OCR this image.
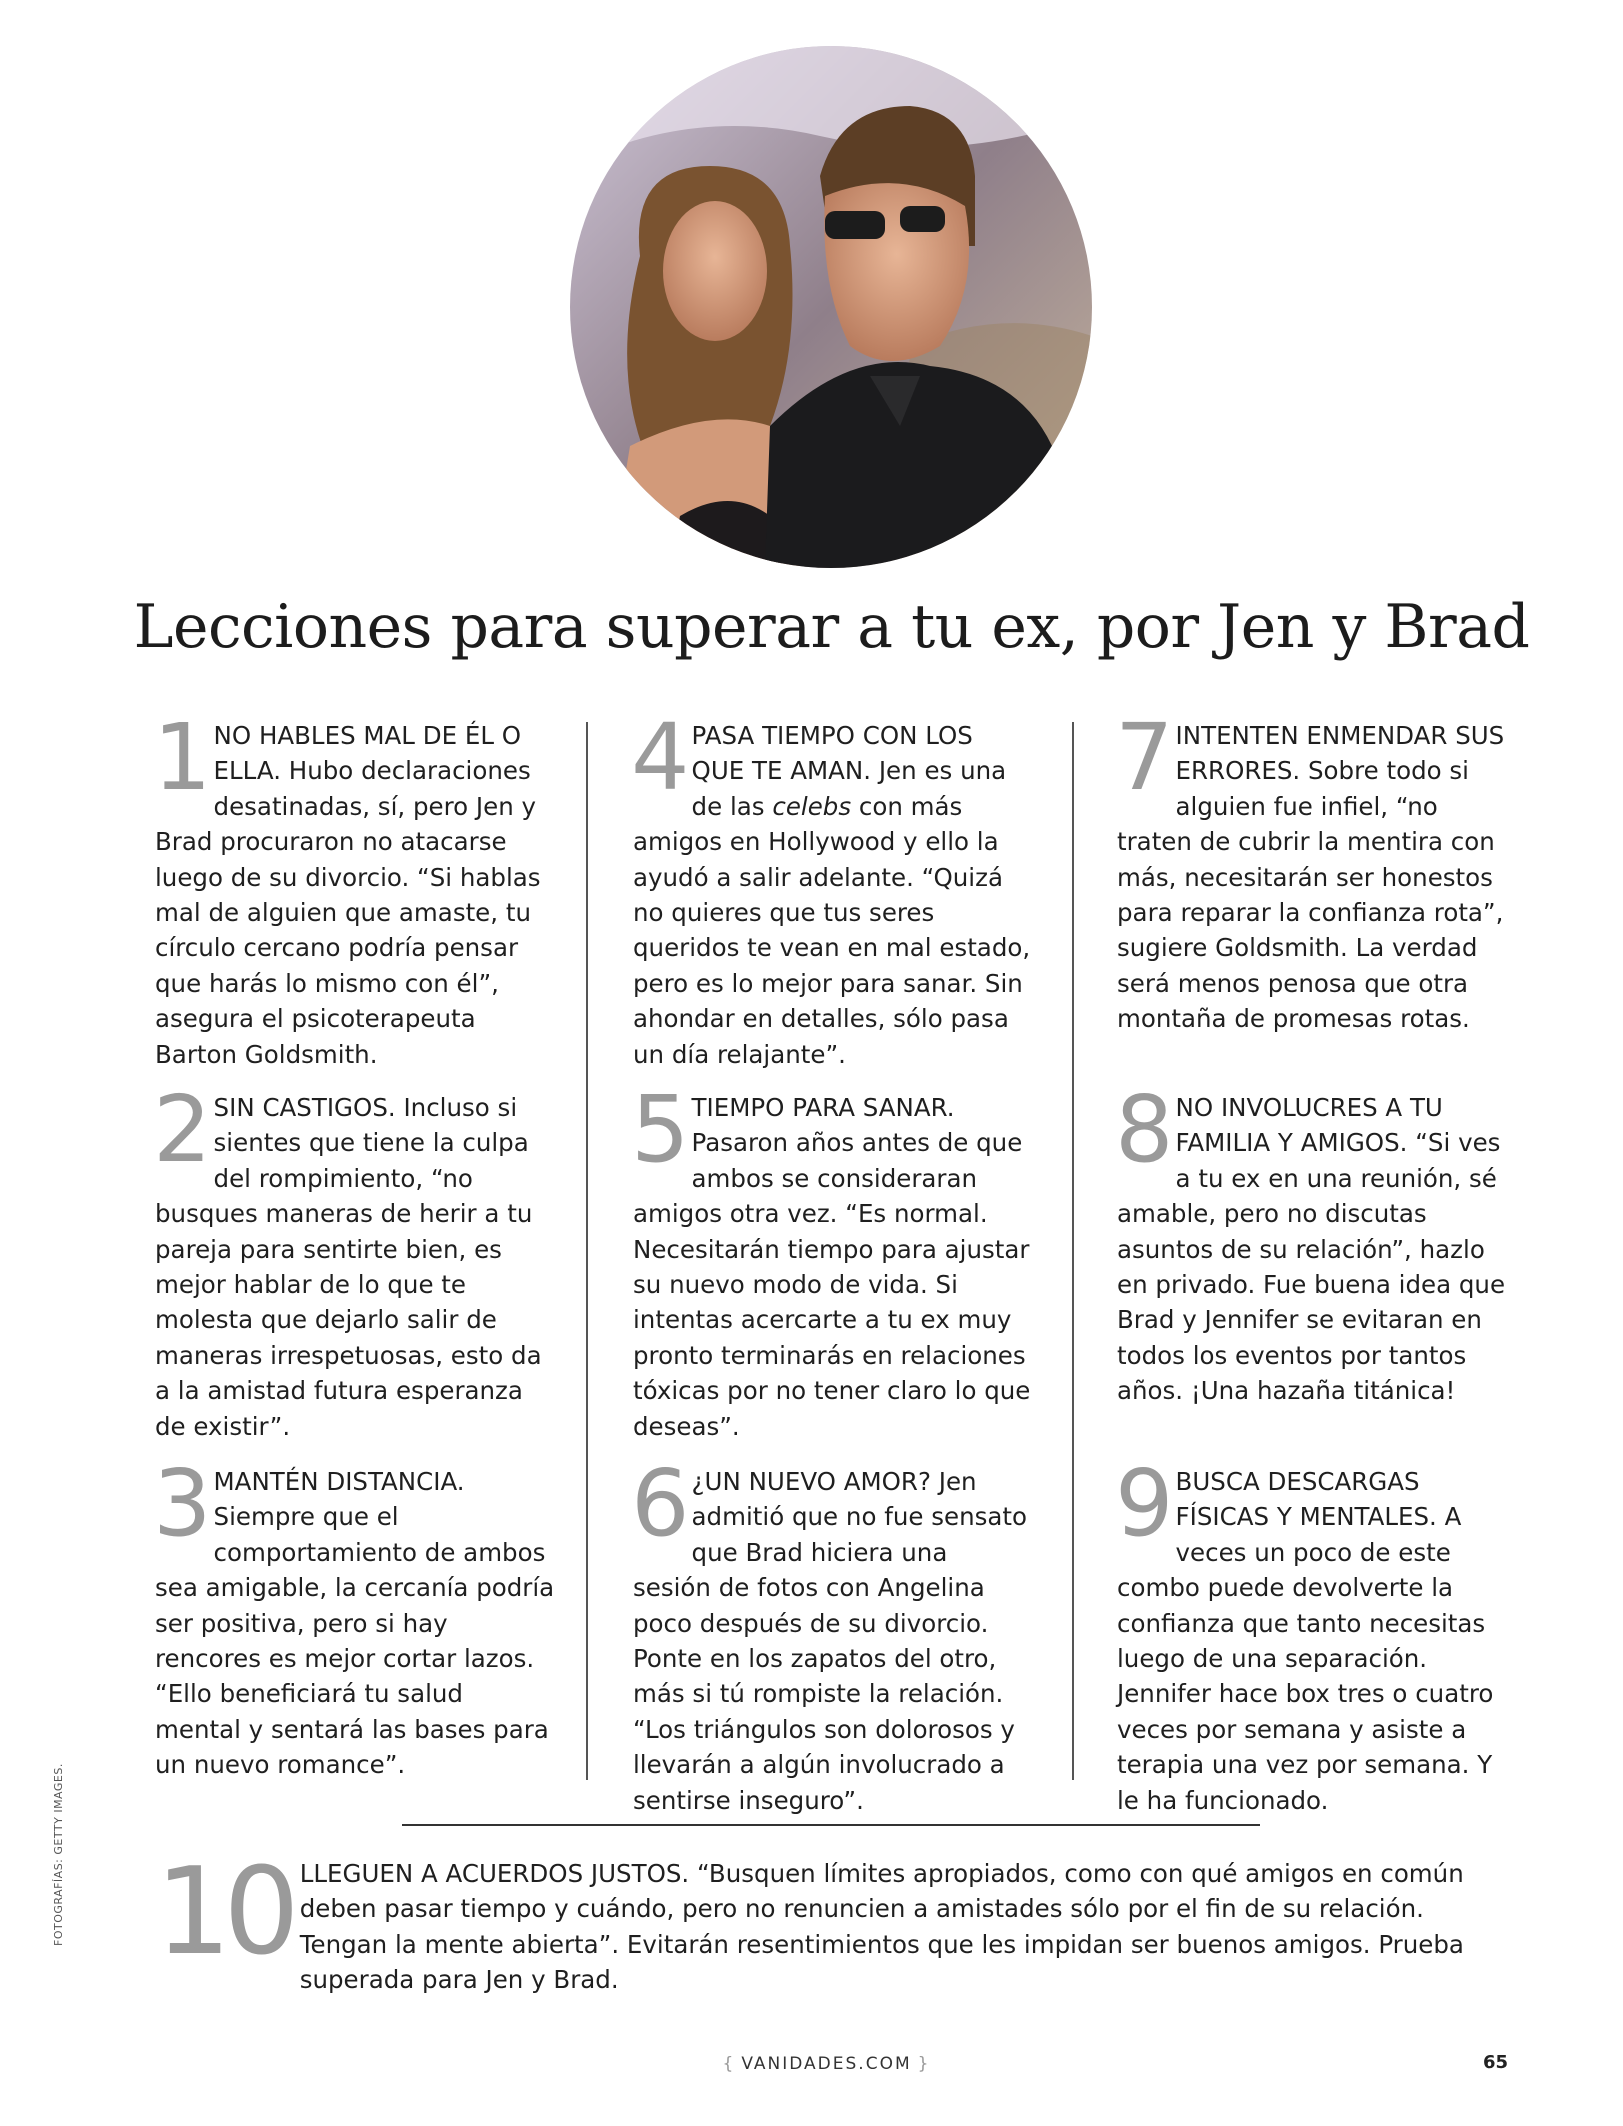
Lecciones para superar a tu ex, por Jen y Brad
1 NO HABLES MAL DE ÉL O ELLA. Hubo declaraciones desatinadas, sí, pero Jen y Brad procuraron no atacarse luego de su divorcio. “Si hablas mal de alguien que amaste, tu círculo cercano podría pensar que harás lo mismo con él”, asegura el psicoterapeuta Barton Goldsmith.
2 SIN CASTIGOS. Incluso si sientes que tiene la culpa del rompimiento, “no busques maneras de herir a tu pareja para sentirte bien, es mejor hablar de lo que te molesta que dejarlo salir de maneras irrespetuosas, esto da a la amistad futura esperanza de existir”.
3 MANTÉN DISTANCIA. Siempre que el comportamiento de ambos sea amigable, la cercanía podría ser positiva, pero si hay rencores es mejor cortar lazos. “Ello beneficiará tu salud mental y sentará las bases para un nuevo romance”.
4 PASA TIEMPO CON LOS QUE TE AMAN. Jen es una de las celebs con más amigos en Hollywood y ello la ayudó a salir adelante. “Quizá no quieres que tus seres queridos te vean en mal estado, pero es lo mejor para sanar. Sin ahondar en detalles, sólo pasa un día relajante”.
5 TIEMPO PARA SANAR. Pasaron años antes de que ambos se consideraran amigos otra vez. “Es normal. Necesitarán tiempo para ajustar su nuevo modo de vida. Si intentas acercarte a tu ex muy pronto terminarás en relaciones tóxicas por no tener claro lo que deseas”.
6 ¿UN NUEVO AMOR? Jen admitió que no fue sensato que Brad hiciera una sesión de fotos con Angelina poco después de su divorcio. Ponte en los zapatos del otro, más si tú rompiste la relación. “Los triángulos son dolorosos y llevarán a algún involucrado a sentirse inseguro”.
7 INTENTEN ENMENDAR SUS ERRORES. Sobre todo si alguien fue infiel, “no traten de cubrir la mentira con más, necesitarán ser honestos para reparar la confianza rota”, sugiere Goldsmith. La verdad será menos penosa que otra montaña de promesas rotas.
8 NO INVOLUCRES A TU FAMILIA Y AMIGOS. “Si ves a tu ex en una reunión, sé amable, pero no discutas asuntos de su relación”, hazlo en privado. Fue buena idea que Brad y Jennifer se evitaran en todos los eventos por tantos años. ¡Una hazaña titánica!
9 BUSCA DESCARGAS FÍSICAS Y MENTALES. A veces un poco de este combo puede devolverte la confianza que tanto necesitas luego de una separación. Jennifer hace box tres o cuatro veces por semana y asiste a terapia una vez por semana. Y le ha funcionado.
10 LLEGUEN A ACUERDOS JUSTOS. “Busquen límites apropiados, como con qué amigos en común deben pasar tiempo y cuándo, pero no renuncien a amistades sólo por el fin de su relación. Tengan la mente abierta”. Evitarán resentimientos que les impidan ser buenos amigos. Prueba superada para Jen y Brad.
FOTOGRAFÍAS: GETTY IMAGES.
{ VANIDADES.COM }	65
